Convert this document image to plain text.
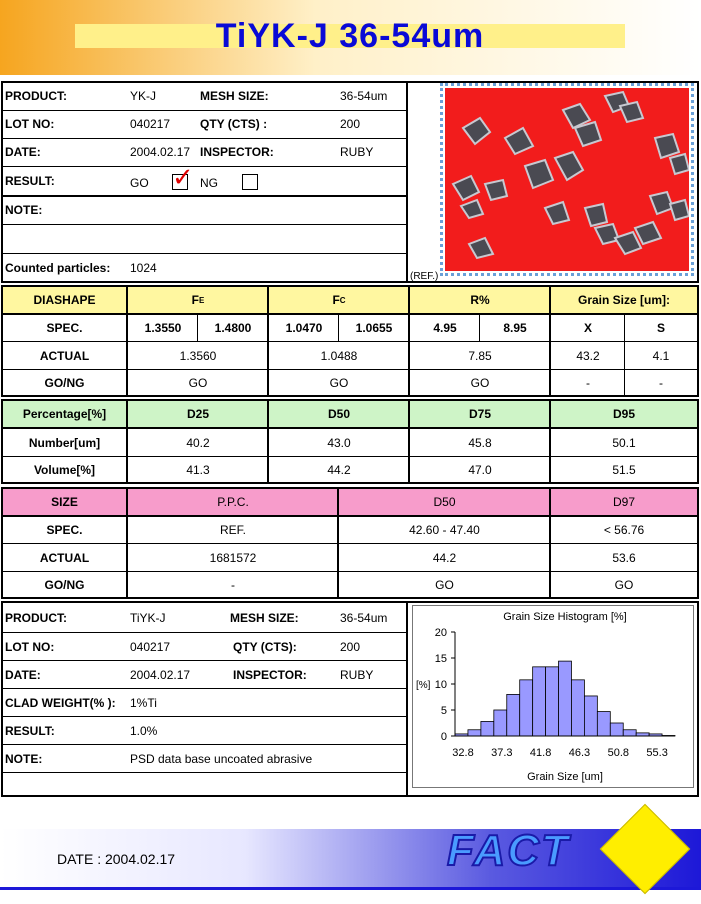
TiYK-J 36-54um
PRODUCT:	YK-J	MESH SIZE:	36-54um
LOT NO:	040217 QTY (CTS) :	200
DATE:	2004.02.17 INSPECTOR:	RUBY
RESULT:	GO ✓ NG
NOTE:
Counted particles: 1024
(REF.)
DIASHAPE	F E	F C	R%	Grain Size [um]:
SPEC.	1.3550	1.4800	1.0470	1.0655	4.95	8.95	X	S
ACTUAL	1.3560	1.0488	7.85	43.2	4.1
GO/NG	GO	GO	GO	-	-
Percentage[%]	D25	D50	D75	D95
Number[um]	40.2	43.0	45.8	50.1
Volume[%]	41.3	44.2	47.0	51.5
SIZE	P.P.C.	D50	D97
SPEC.	REF.	42.60 - 47.40	< 56.76
ACTUAL	1681572	44.2	53.6
GO/NG	-	GO	GO
PRODUCT:	TiYK-J	MESH SIZE:	36-54um
LOT NO:	040217	QTY (CTS):	200
DATE:	2004.02.17	INSPECTOR:	RUBY
CLAD WEIGHT(% ): 1%Ti
RESULT:	1.0%
NOTE:	PSD data base uncoated abrasive
Grain Size Histogram [%]
0
5
10
15
20
[%]
32.8 37.3 41.8 46.3 50.8 55.3
Grain Size [um]
DATE : 2004.02.17	FACT
